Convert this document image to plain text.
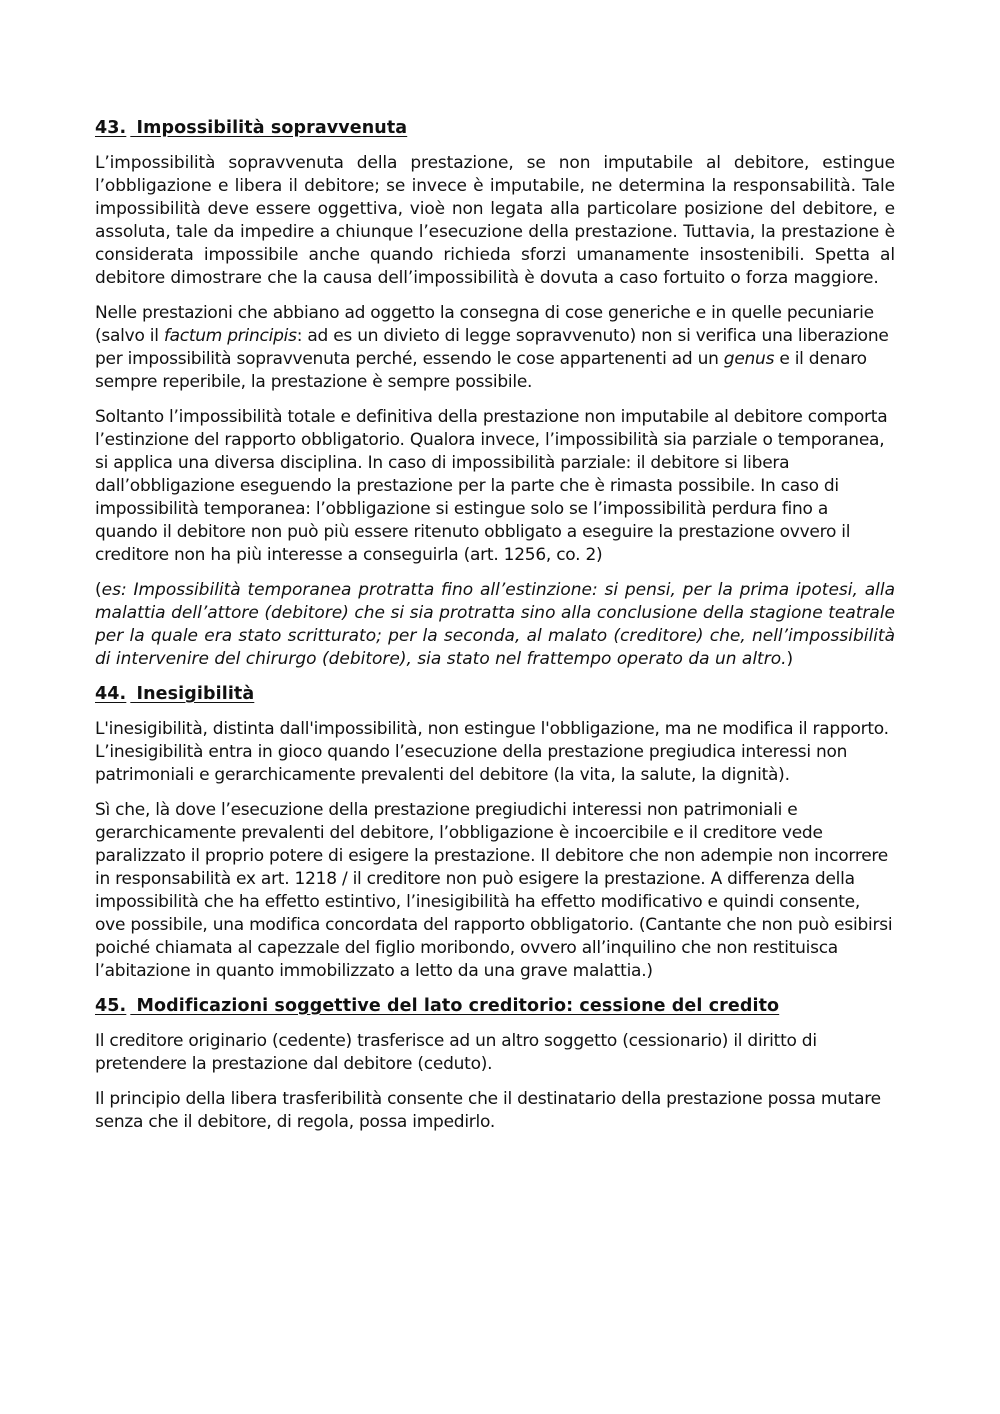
43. Impossibilità sopravvenuta

L’impossibilità sopravvenuta della prestazione, se non imputabile al debitore, estingue l’obbligazione e libera il debitore; se invece è imputabile, ne determina la responsabilità. Tale impossibilità deve essere oggettiva, vioè non legata alla particolare posizione del debitore, e assoluta, tale da impedire a chiunque l’esecuzione della prestazione. Tuttavia, la prestazione è considerata impossibile anche quando richieda sforzi umanamente insostenibili. Spetta al debitore dimostrare che la causa dell’impossibilità è dovuta a caso fortuito o forza maggiore.

Nelle prestazioni che abbiano ad oggetto la consegna di cose generiche e in quelle pecuniarie (salvo il factum principis: ad es un divieto di legge sopravvenuto) non si verifica una liberazione per impossibilità sopravvenuta perché, essendo le cose appartenenti ad un genus e il denaro sempre reperibile, la prestazione è sempre possibile.

Soltanto l’impossibilità totale e definitiva della prestazione non imputabile al debitore comporta l’estinzione del rapporto obbligatorio. Qualora invece, l’impossibilità sia parziale o temporanea, si applica una diversa disciplina. In caso di impossibilità parziale: il debitore si libera dall’obbligazione eseguendo la prestazione per la parte che è rimasta possibile. In caso di impossibilità temporanea: l’obbligazione si estingue solo se l’impossibilità perdura fino a quando il debitore non può più essere ritenuto obbligato a eseguire la prestazione ovvero il creditore non ha più interesse a conseguirla (art. 1256, co. 2)

(es: Impossibilità temporanea protratta fino all’estinzione: si pensi, per la prima ipotesi, alla malattia dell’attore (debitore) che si sia protratta sino alla conclusione della stagione teatrale per la quale era stato scritturato; per la seconda, al malato (creditore) che, nell’impossibilità di intervenire del chirurgo (debitore), sia stato nel frattempo operato da un altro.)

44. Inesigibilità

L'inesigibilità, distinta dall'impossibilità, non estingue l'obbligazione, ma ne modifica il rapporto. L’inesigibilità entra in gioco quando l’esecuzione della prestazione pregiudica interessi non patrimoniali e gerarchicamente prevalenti del debitore (la vita, la salute, la dignità).

Sì che, là dove l’esecuzione della prestazione pregiudichi interessi non patrimoniali e gerarchicamente prevalenti del debitore, l’obbligazione è incoercibile e il creditore vede paralizzato il proprio potere di esigere la prestazione. Il debitore che non adempie non incorrere in responsabilità ex art. 1218 / il creditore non può esigere la prestazione. A differenza della impossibilità che ha effetto estintivo, l’inesigibilità ha effetto modificativo e quindi consente, ove possibile, una modifica concordata del rapporto obbligatorio. (Cantante che non può esibirsi poiché chiamata al capezzale del figlio moribondo, ovvero all’inquilino che non restituisca l’abitazione in quanto immobilizzato a letto da una grave malattia.)

45. Modificazioni soggettive del lato creditorio: cessione del credito

Il creditore originario (cedente) trasferisce ad un altro soggetto (cessionario) il diritto di pretendere la prestazione dal debitore (ceduto).

Il principio della libera trasferibilità consente che il destinatario della prestazione possa mutare senza che il debitore, di regola, possa impedirlo.
